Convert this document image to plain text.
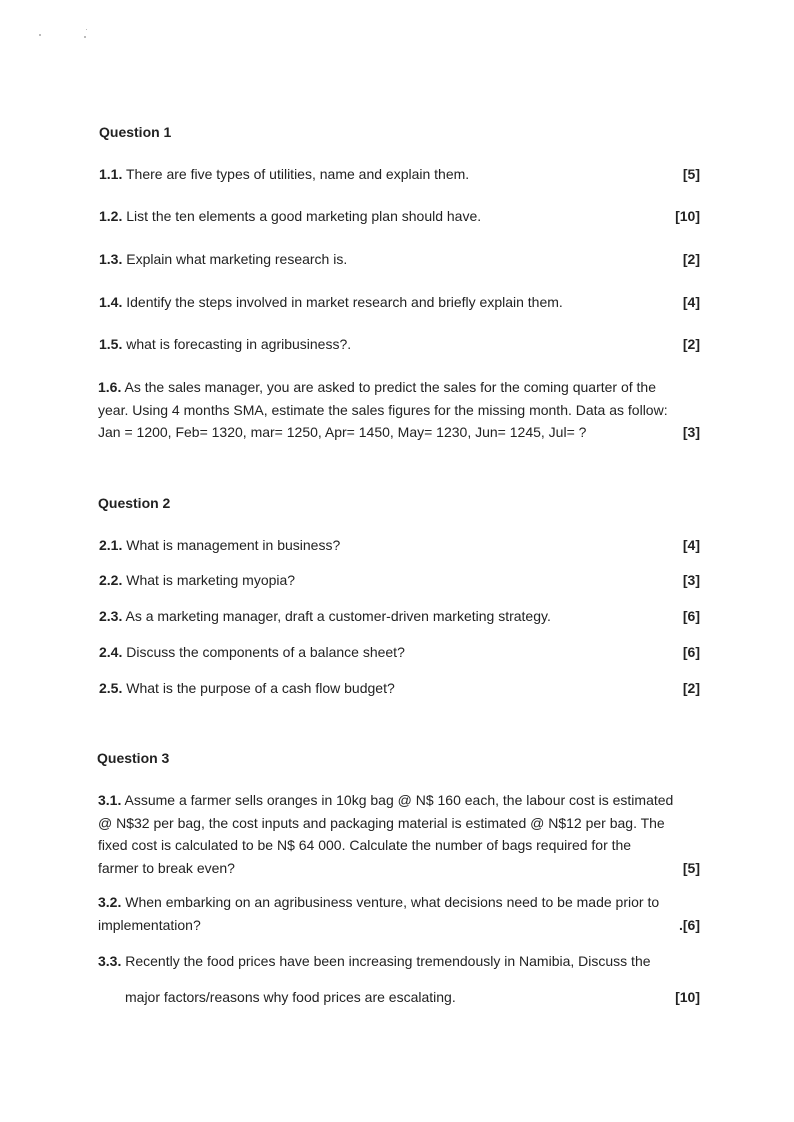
Question 1
1.1. There are five types of utilities, name and explain them.	[5]
1.2. List the ten elements a good marketing plan should have.	[10]
1.3. Explain what marketing research is.	[2]
1.4. Identify the steps involved in market research and briefly explain them.	[4]
1.5. what is forecasting in agribusiness?.	[2]
1.6. As the sales manager, you are asked to predict the sales for the coming quarter of the
year. Using 4 months SMA, estimate the sales figures for the missing month. Data as follow:
Jan = 1200, Feb= 1320, mar= 1250, Apr= 1450, May= 1230, Jun= 1245, Jul= ?	[3]
Question 2
2.1. What is management in business?	[4]
2.2. What is marketing myopia?	[3]
2.3. As a marketing manager, draft a customer-driven marketing strategy.	[6]
2.4. Discuss the components of a balance sheet?	[6]
2.5. What is the purpose of a cash flow budget?	[2]
Question 3
3.1. Assume a farmer sells oranges in 10kg bag @ N$ 160 each, the labour cost is estimated
@ N$32 per bag, the cost inputs and packaging material is estimated @ N$12 per bag. The
fixed cost is calculated to be N$ 64 000. Calculate the number of bags required for the
farmer to break even?	[5]
3.2. When embarking on an agribusiness venture, what decisions need to be made prior to
implementation?	.[6]
3.3. Recently the food prices have been increasing tremendously in Namibia, Discuss the
major factors/reasons why food prices are escalating.	[10]
